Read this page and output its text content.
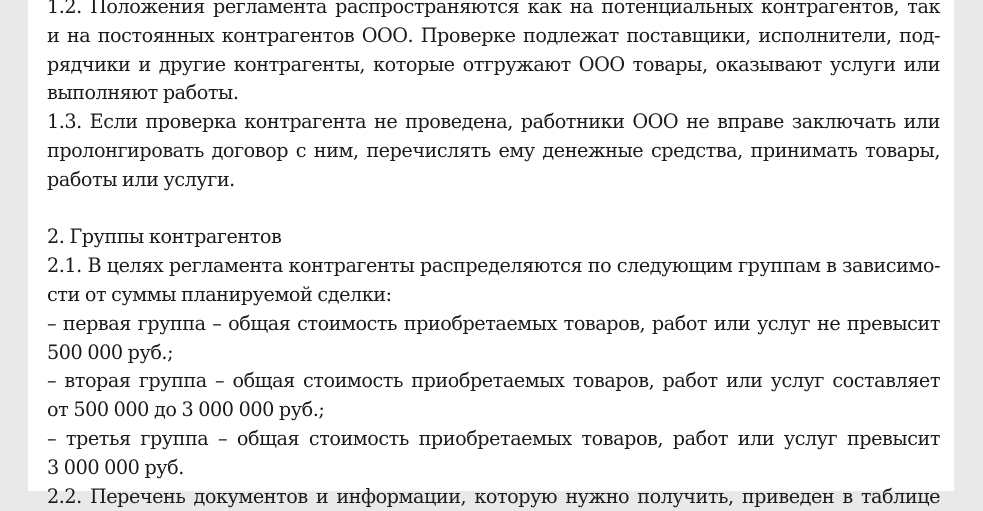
1.2. Положения регламента распространяются как на потенциальных контрагентов, так
и на постоянных контрагентов ООО. Проверке подлежат поставщики, исполнители, под-
рядчики и другие контрагенты, которые отгружают ООО товары, оказывают услуги или
выполняют работы.
1.3. Если проверка контрагента не проведена, работники ООО не вправе заключать или
пролонгировать договор с ним, перечислять ему денежные средства, принимать товары,
работы или услуги.
2. Группы контрагентов
2.1. В целях регламента контрагенты распределяются по следующим группам в зависимо-
сти от суммы планируемой сделки:
– первая группа – общая стоимость приобретаемых товаров, работ или услуг не превысит
500 000 руб.;
– вторая группа – общая стоимость приобретаемых товаров, работ или услуг составляет
от 500 000 до 3 000 000 руб.;
– третья группа – общая стоимость приобретаемых товаров, работ или услуг превысит
3 000 000 руб.
2.2. Перечень документов и информации, которую нужно получить, приведен в таблице
